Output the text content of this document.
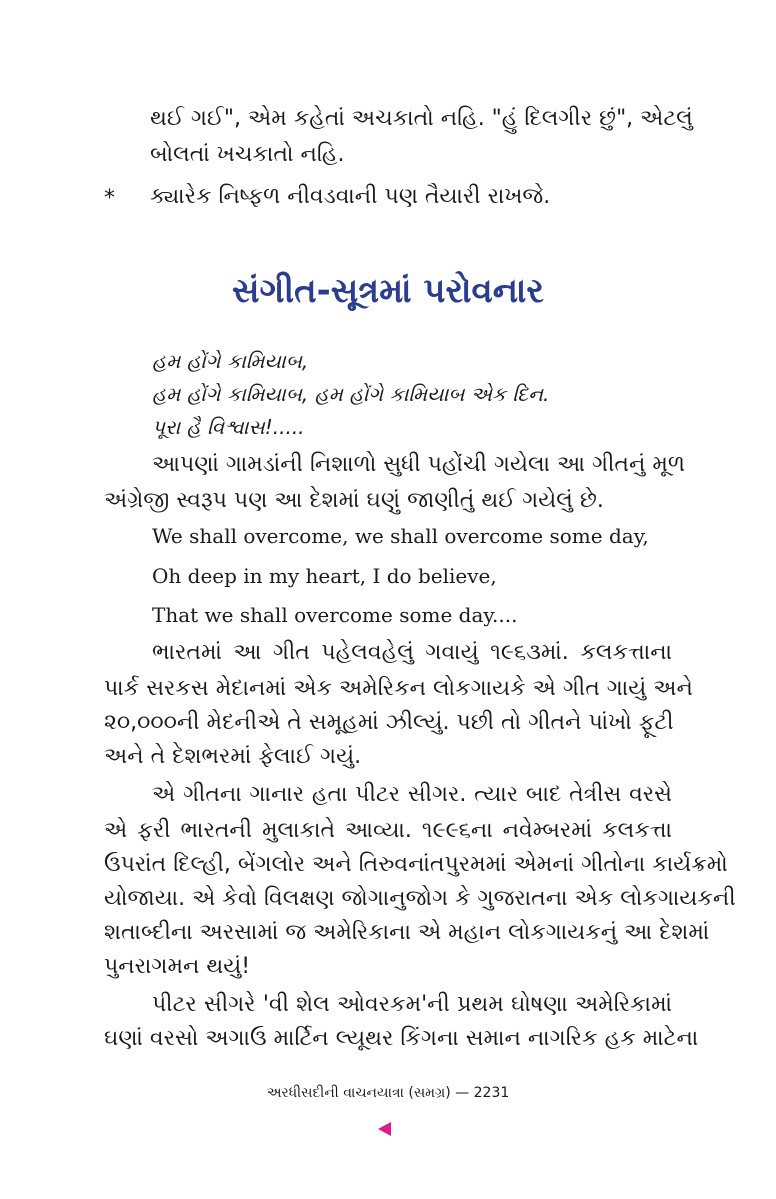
થઈ ગઈ", એમ કહેતાં અચકાતો નહિ. "હું દિલગીર છું", એટલું
બોલતાં ખચકાતો નહિ.
* ક્યારેક નિષ્ફળ નીવડવાની પણ તૈયારી રાખજે.
સંગીત-સૂત્રમાં પરોવનાર
હમ હોંગે કામિયાબ,
હમ હોંગે કામિયાબ, હમ હોંગે કામિયાબ એક દિન.
પૂરા હૈ વિશ્વાસ!.....
આપણાં ગામડાંની નિશાળો સુધી પહોંચી ગયેલા આ ગીતનું મૂળ
અંગ્રેજી સ્વરૂપ પણ આ દેશમાં ઘણું જાણીતું થઈ ગયેલું છે.
We shall overcome, we shall overcome some day,
Oh deep in my heart, I do believe,
That we shall overcome some day....
ભારતમાં આ ગીત પહેલવહેલું ગવાયું ૧૯૬૩માં. કલકત્તાના
પાર્ક સરકસ મેદાનમાં એક અમેરિકન લોકગાયકે એ ગીત ગાયું અને
૨૦,૦૦૦ની મેદનીએ તે સમૂહમાં ઝીલ્યું. પછી તો ગીતને પાંખો ફૂટી
અને તે દેશભરમાં ફેલાઈ ગયું.
એ ગીતના ગાનાર હતા પીટર સીગર. ત્યાર બાદ તેત્રીસ વરસે
એ ફરી ભારતની મુલાકાતે આવ્યા. ૧૯૯૬ના નવેમ્બરમાં કલકત્તા
ઉપરાંત દિલ્હી, બેંગલોર અને તિરુવનાંતપુરમમાં એમનાં ગીતોના કાર્યક્રમો
યોજાયા. એ કેવો વિલક્ષણ જોગાનુજોગ કે ગુજરાતના એક લોકગાયકની
શતાબ્દીના અરસામાં જ અમેરિકાના એ મહાન લોકગાયકનું આ દેશમાં
પુનરાગમન થયું!
પીટર સીગરે 'વી શેલ ઓવરકમ'ની પ્રથમ ઘોષણા અમેરિકામાં
ઘણાં વરસો અગાઉ માર્ટિન લ્યૂથર કિંગના સમાન નાગરિક હક માટેના
અરધીસદીની વાચનયાત્રા (સમગ્ર) — 2231
